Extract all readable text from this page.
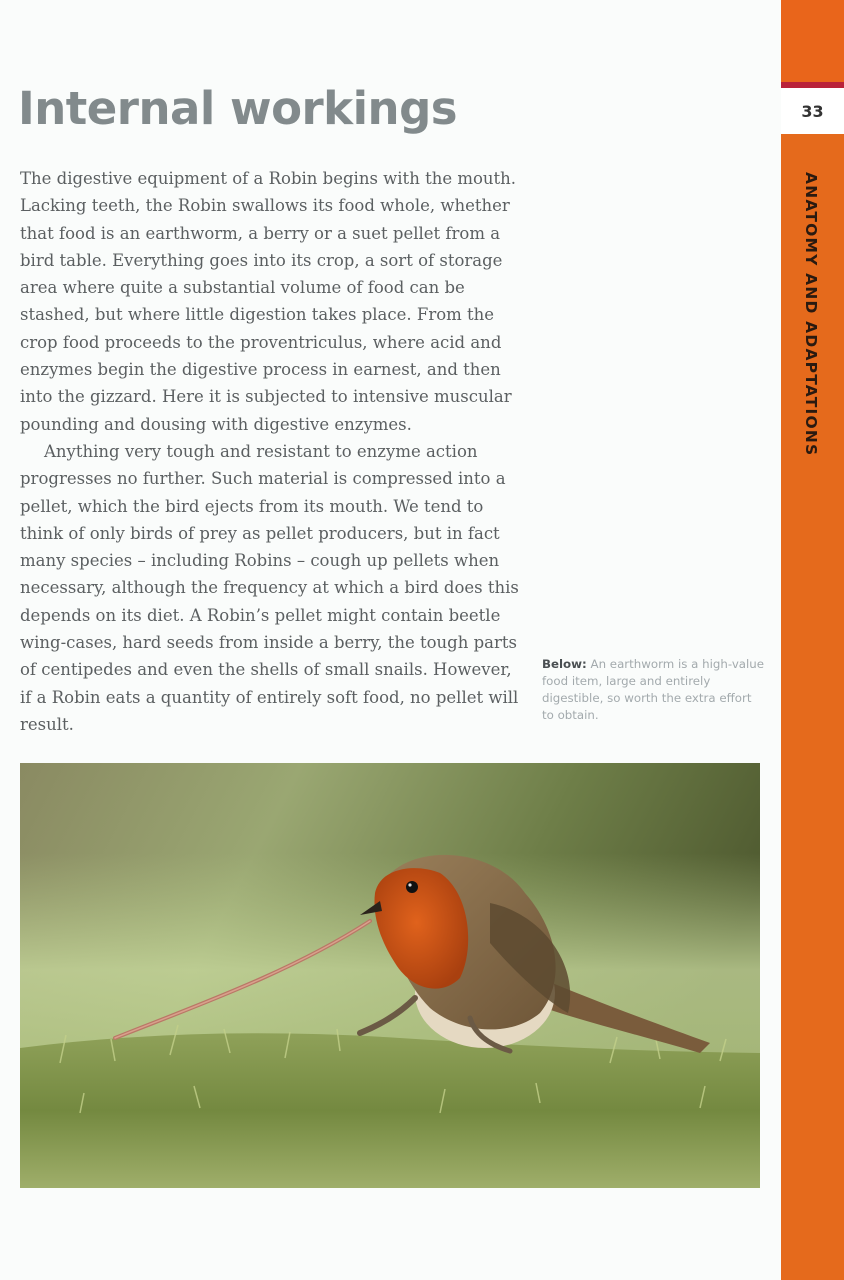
Internal workings

The digestive equipment of a Robin begins with the mouth. Lacking teeth, the Robin swallows its food whole, whether that food is an earthworm, a berry or a suet pellet from a bird table. Everything goes into its crop, a sort of storage area where quite a substantial volume of food can be stashed, but where little digestion takes place. From the crop food proceeds to the proventriculus, where acid and enzymes begin the digestive process in earnest, and then into the gizzard. Here it is subjected to intensive muscular pounding and dousing with digestive enzymes.

Anything very tough and resistant to enzyme action progresses no further. Such material is compressed into a pellet, which the bird ejects from its mouth. We tend to think of only birds of prey as pellet producers, but in fact many species – including Robins – cough up pellets when necessary, although the frequency at which a bird does this depends on its diet. A Robin’s pellet might contain beetle wing-cases, hard seeds from inside a berry, the tough parts of centipedes and even the shells of small snails. However, if a Robin eats a quantity of entirely soft food, no pellet will result.

Below: An earthworm is a high-value food item, large and entirely digestible, so worth the extra effort to obtain.
33
ANATOMY AND ADAPTATIONS
